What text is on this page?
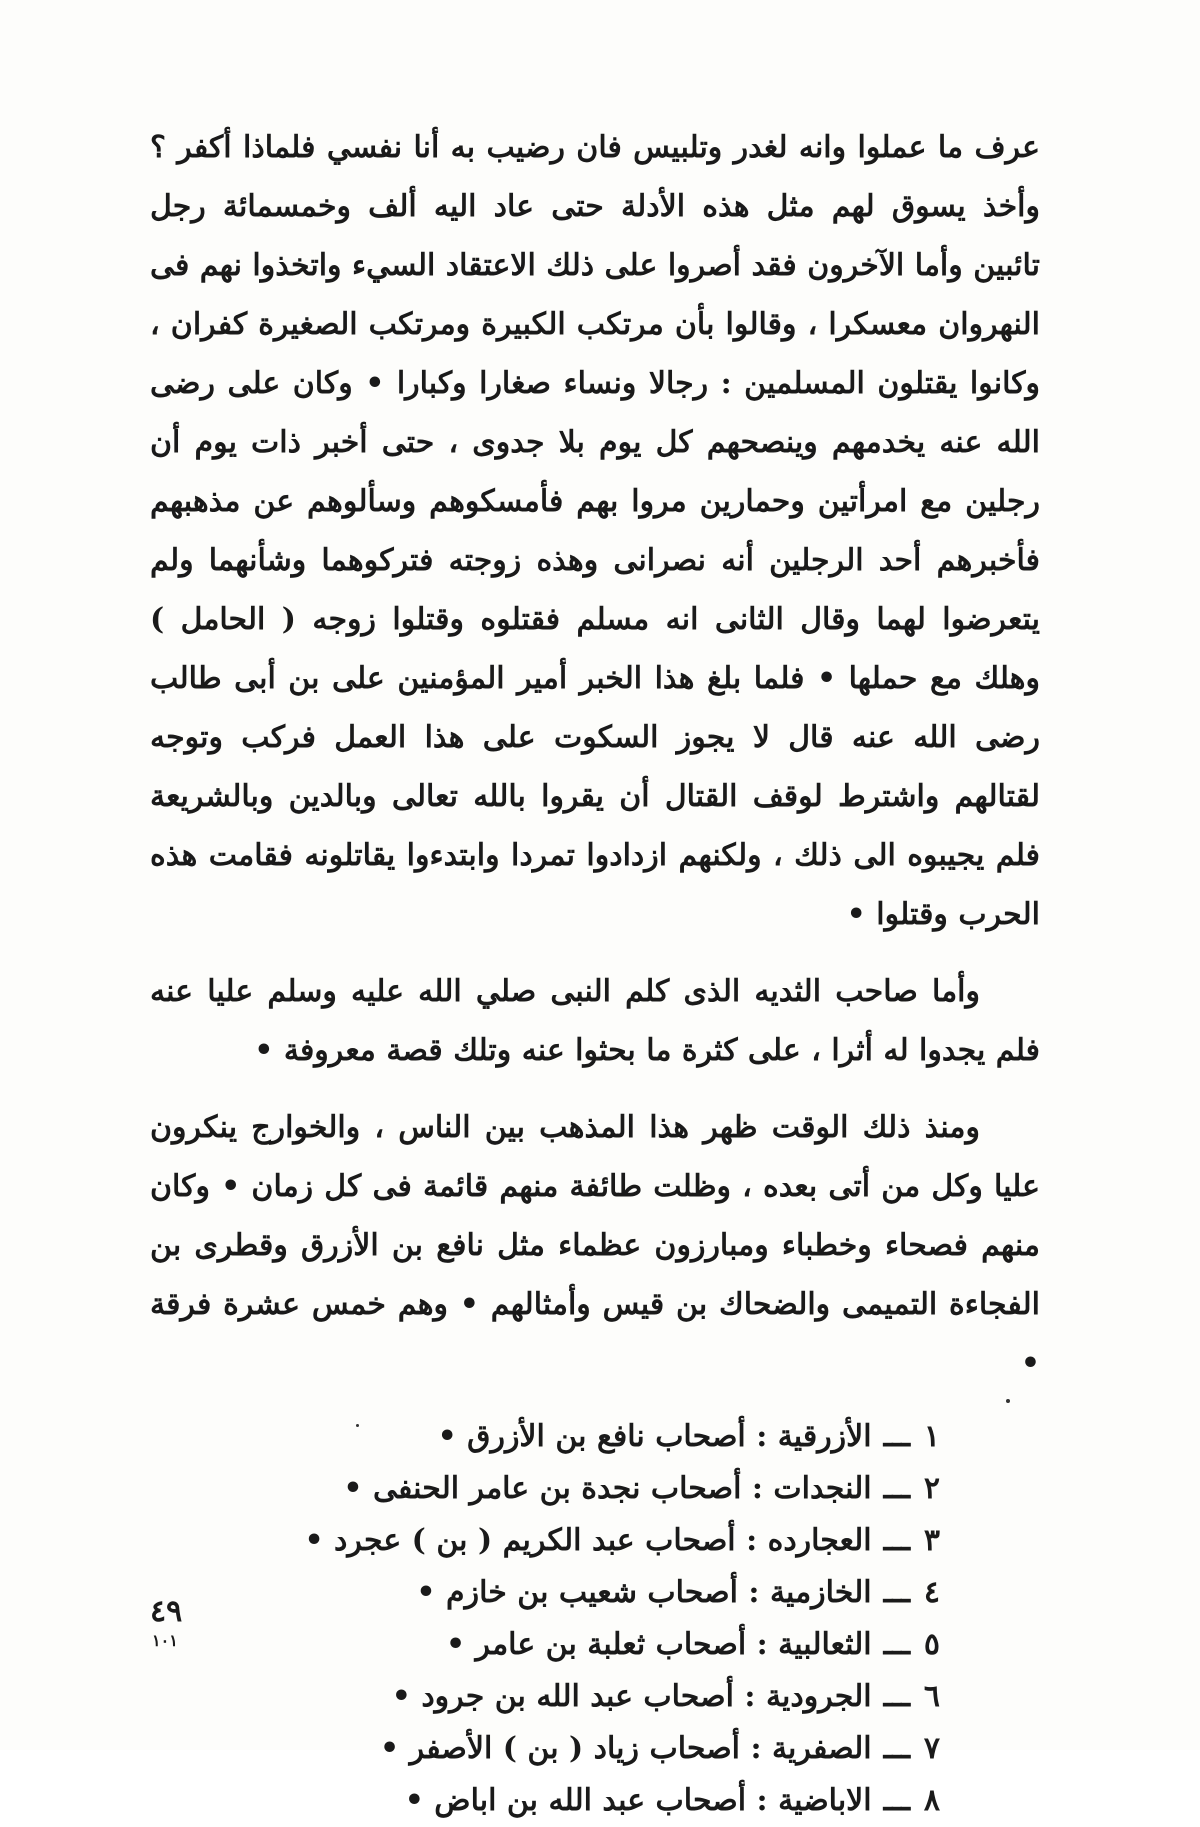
عرف ما عملوا وانه لغدر وتلبيس فان رضيب به أنا نفسي فلماذا أكفر ؟ وأخذ يسوق لهم مثل هذه الأدلة حتى عاد اليه ألف وخمسمائة رجل تائبين وأما الآخرون فقد أصروا على ذلك الاعتقاد السيء واتخذوا نهم فى النهروان معسكرا ، وقالوا بأن مرتكب الكبيرة ومرتكب الصغيرة كفران ، وكانوا يقتلون المسلمين : رجالا ونساء صغارا وكبارا • وكان على رضى الله عنه يخدمهم وينصحهم كل يوم بلا جدوى ، حتى أخبر ذات يوم أن رجلين مع امرأتين وحمارين مروا بهم فأمسكوهم وسألوهم عن مذهبهم فأخبرهم أحد الرجلين أنه نصرانى وهذه زوجته فتركوهما وشأنهما ولم يتعرضوا لهما وقال الثانى انه مسلم فقتلوه وقتلوا زوجه ( الحامل ) وهلك مع حملها • فلما بلغ هذا الخبر أمير المؤمنين على بن أبى طالب رضى الله عنه قال لا يجوز السكوت على هذا العمل فركب وتوجه لقتالهم واشترط لوقف القتال أن يقروا بالله تعالى وبالدين وبالشريعة فلم يجيبوه الى ذلك ، ولكنهم ازدادوا تمردا وابتدءوا يقاتلونه فقامت هذه الحرب وقتلوا •

وأما صاحب الثديه الذى كلم النبى صلي الله عليه وسلم عليا عنه فلم يجدوا له أثرا ، على كثرة ما بحثوا عنه وتلك قصة معروفة •

ومنذ ذلك الوقت ظهر هذا المذهب بين الناس ، والخوارج ينكرون عليا وكل من أتى بعده ، وظلت طائفة منهم قائمة فى كل زمان • وكان منهم فصحاء وخطباء ومبارزون عظماء مثل نافع بن الأزرق وقطرى بن الفجاءة التميمى والضحاك بن قيس وأمثالهم • وهم خمس عشرة فرقة •

١
ـــ
الأزرقية : أصحاب نافع بن الأزرق •
٢
ـــ
النجدات : أصحاب نجدة بن عامر الحنفى •
٣
ـــ
العجارده : أصحاب عبد الكريم ( بن ) عجرد •
٤
ـــ
الخازمية : أصحاب شعيب بن خازم •
٥
ـــ
الثعالبية : أصحاب ثعلبة بن عامر •
٦
ـــ
الجرودية : أصحاب عبد الله بن جرود •
٧
ـــ
الصفرية : أصحاب زياد ( بن ) الأصفر •
٨
ـــ
الاباضية : أصحاب عبد الله بن اباض •
٤٩
١٠١
